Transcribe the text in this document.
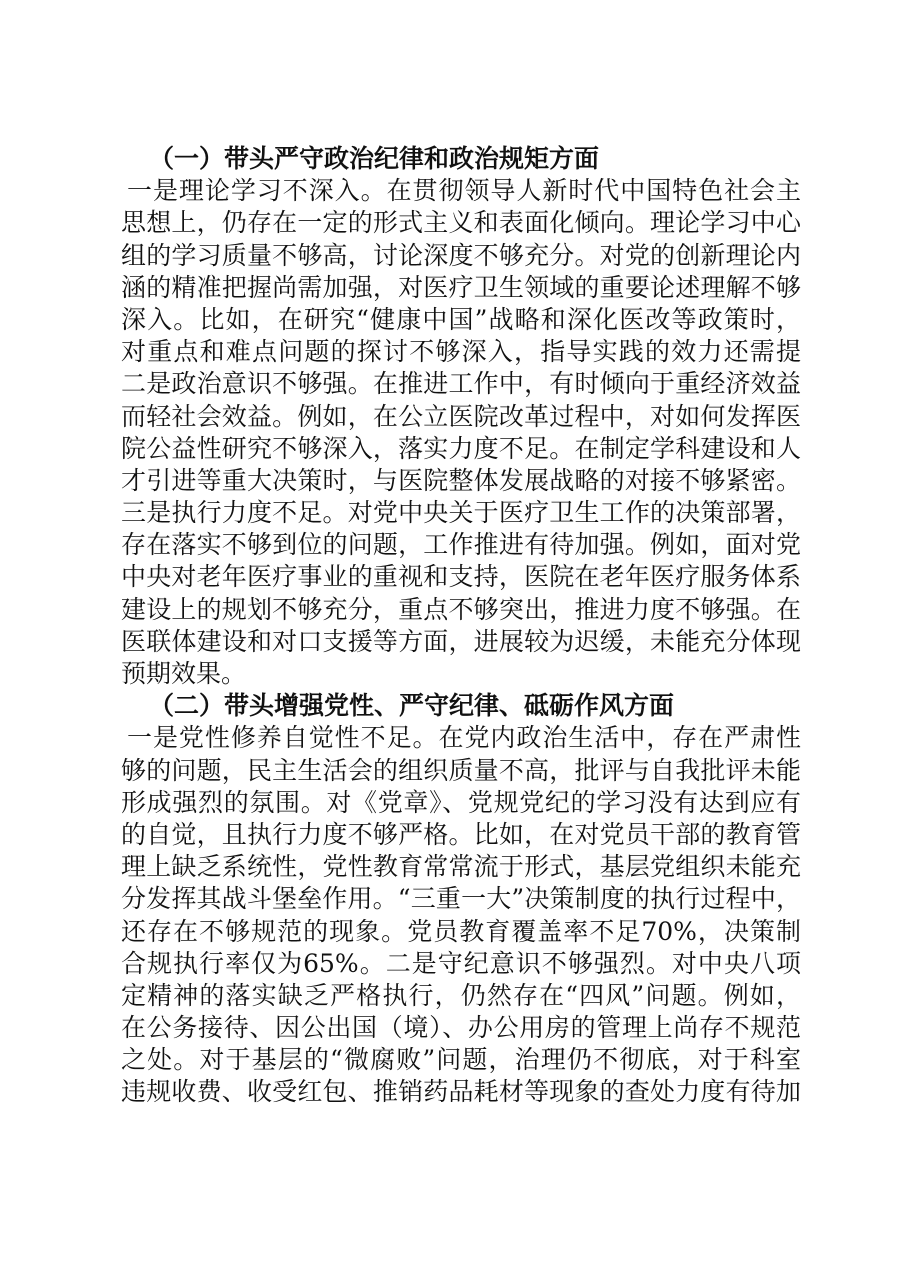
（一）带头严守政治纪律和政治规矩方面
一是理论学习不深入。在贯彻领导人新时代中国特色社会主
思想上，仍存在一定的形式主义和表面化倾向。理论学习中心
组的学习质量不够高，讨论深度不够充分。对党的创新理论内
涵的精准把握尚需加强，对医疗卫生领域的重要论述理解不够
深入。比如，在研究“健康中国”战略和深化医改等政策时，
对重点和难点问题的探讨不够深入，指导实践的效力还需提
二是政治意识不够强。在推进工作中，有时倾向于重经济效益
而轻社会效益。例如，在公立医院改革过程中，对如何发挥医
院公益性研究不够深入，落实力度不足。在制定学科建设和人
才引进等重大决策时，与医院整体发展战略的对接不够紧密。
三是执行力度不足。对党中央关于医疗卫生工作的决策部署，
存在落实不够到位的问题，工作推进有待加强。例如，面对党
中央对老年医疗事业的重视和支持，医院在老年医疗服务体系
建设上的规划不够充分，重点不够突出，推进力度不够强。在
医联体建设和对口支援等方面，进展较为迟缓，未能充分体现
预期效果。
（二）带头增强党性、严守纪律、砥砺作风方面
一是党性修养自觉性不足。在党内政治生活中，存在严肃性
够的问题，民主生活会的组织质量不高，批评与自我批评未能
形成强烈的氛围。对《党章》、党规党纪的学习没有达到应有
的自觉，且执行力度不够严格。比如，在对党员干部的教育管
理上缺乏系统性，党性教育常常流于形式，基层党组织未能充
分发挥其战斗堡垒作用。“三重一大”决策制度的执行过程中，
还存在不够规范的现象。党员教育覆盖率不足70%，决策制
合规执行率仅为65%。二是守纪意识不够强烈。对中央八项
定精神的落实缺乏严格执行，仍然存在“四风”问题。例如，
在公务接待、因公出国（境）、办公用房的管理上尚存不规范
之处。对于基层的“微腐败”问题，治理仍不彻底，对于科室
违规收费、收受红包、推销药品耗材等现象的查处力度有待加
